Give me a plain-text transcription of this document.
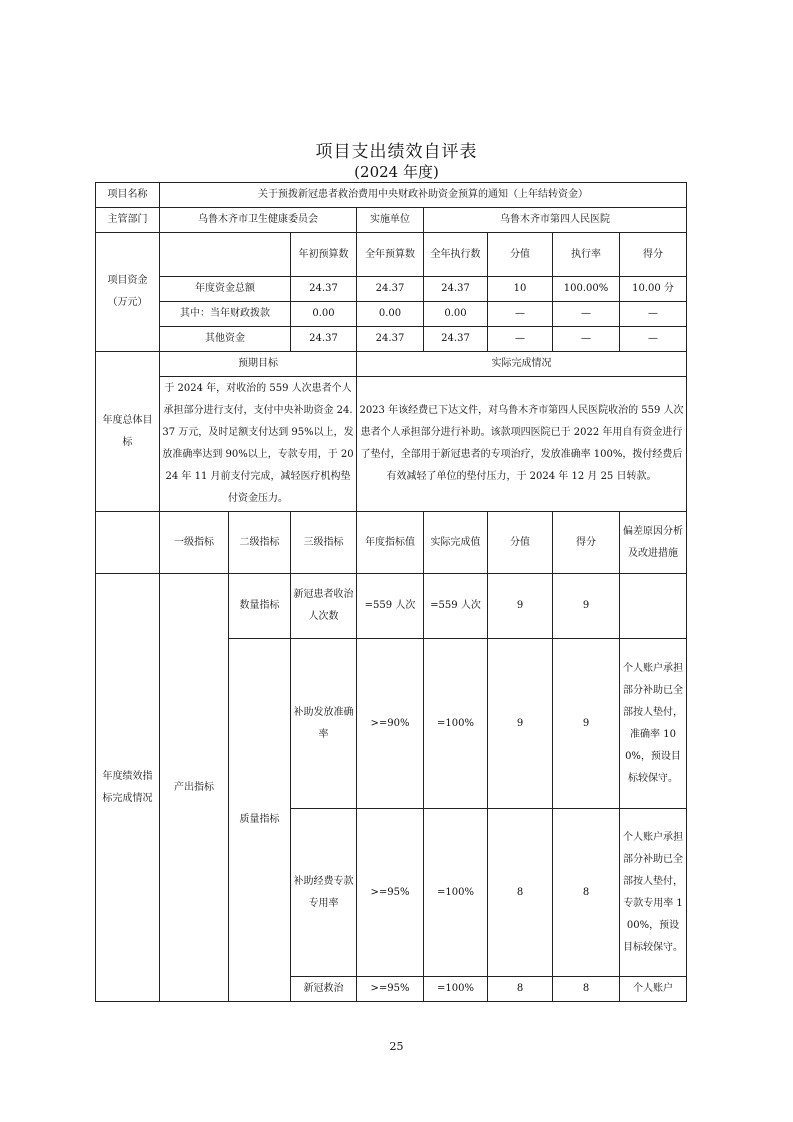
项目支出绩效自评表
(2024 年度)
项目名称	关于预拨新冠患者救治费用中央财政补助资金预算的通知（上年结转资金）							
主管部门	乌鲁木齐市卫生健康委员会			实施单位	乌鲁木齐市第四人民医院			
项目资金（万元）			年初预算数	全年预算数	全年执行数	分值	执行率	得分
	年度资金总额		24.37	24.37	24.37	10	100.00%	10.00 分
	其中：当年财政拨款		0.00	0.00	0.00	—	—	—
	其他资金		24.37	24.37	24.37	—	—	—
年度总体目标	预期目标			实际完成情况				
	于 2024 年，对收治的 559 人次患者个人承担部分进行支付，支付中央补助资金 24.37 万元，及时足额支付达到 95%以上，发放准确率达到 90%以上，专款专用，于 2024 年 11 月前支付完成，减轻医疗机构垫付资金压力。			2023 年该经费已下达文件，对乌鲁木齐市第四人民医院收治的 559 人次患者个人承担部分进行补助。该款项四医院已于 2022 年用自有资金进行了垫付，全部用于新冠患者的专项治疗，发放准确率 100%，拨付经费后有效减轻了单位的垫付压力，于 2024 年 12 月 25 日转款。				
	一级指标	二级指标	三级指标	年度指标值	实际完成值	分值	得分	偏差原因分析及改进措施
年度绩效指标完成情况	产出指标	数量指标	新冠患者收治人次数	=559 人次	=559 人次	9	9	
		质量指标	补助发放准确率	>=90%	=100%	9	9	个人账户承担部分补助已全部按人垫付，准确率 100%，预设目标较保守。
			补助经费专款专用率	>=95%	=100%	8	8	个人账户承担部分补助已全部按人垫付，专款专用率 100%，预设目标较保守。
			新冠救治	>=95%	=100%	8	8	个人账户
25
